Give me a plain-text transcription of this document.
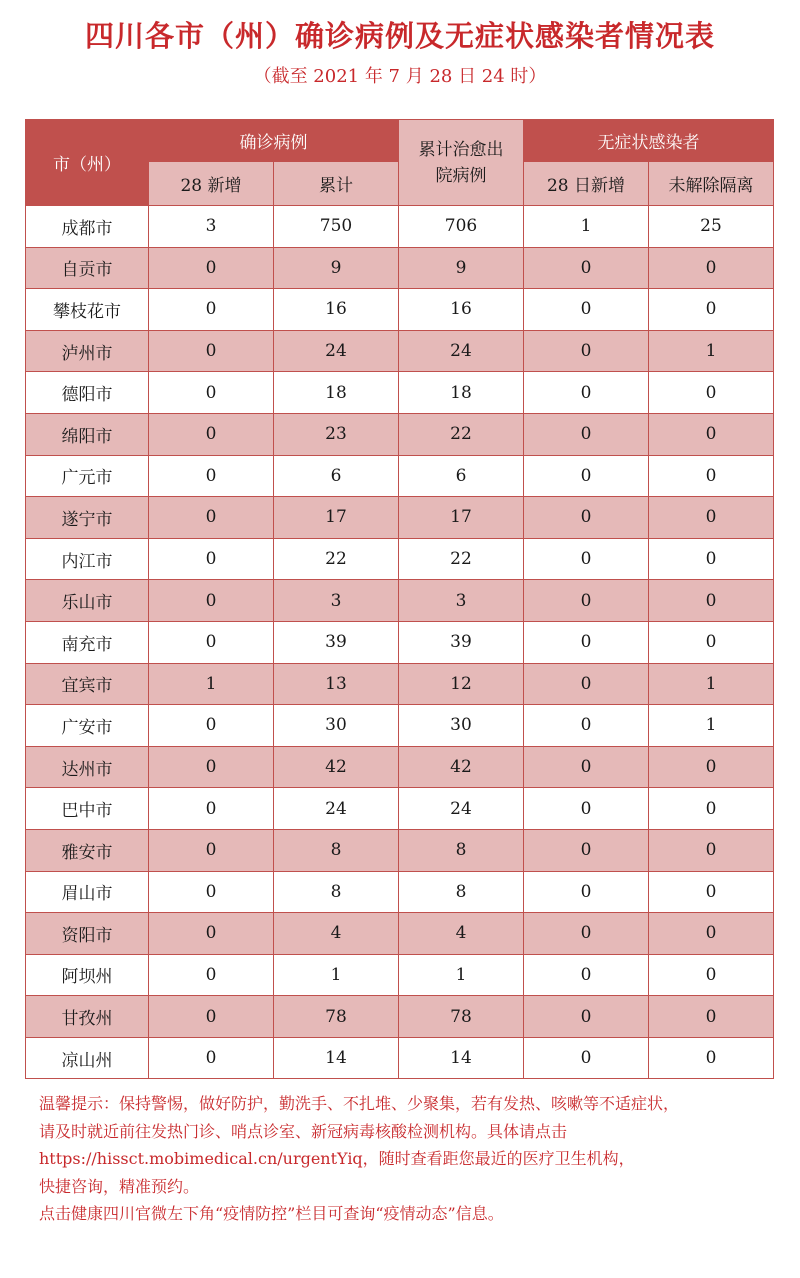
四川各市（州）确诊病例及无症状感染者情况表
（截至 2021 年 7 月 28 日 24 时）
市（州）	确诊病例		累计治愈出院病例	无症状感染者	
	28 新增	累计		28 日新增	未解除隔离
成都市	3	750	706	1	25
自贡市	0	9	9	0	0
攀枝花市	0	16	16	0	0
泸州市	0	24	24	0	1
德阳市	0	18	18	0	0
绵阳市	0	23	22	0	0
广元市	0	6	6	0	0
遂宁市	0	17	17	0	0
内江市	0	22	22	0	0
乐山市	0	3	3	0	0
南充市	0	39	39	0	0
宜宾市	1	13	12	0	1
广安市	0	30	30	0	1
达州市	0	42	42	0	0
巴中市	0	24	24	0	0
雅安市	0	8	8	0	0
眉山市	0	8	8	0	0
资阳市	0	4	4	0	0
阿坝州	0	1	1	0	0
甘孜州	0	78	78	0	0
凉山州	0	14	14	0	0
温馨提示：保持警惕，做好防护，勤洗手、不扎堆、少聚集，若有发热、咳嗽等不适症状，
请及时就近前往发热门诊、哨点诊室、新冠病毒核酸检测机构。具体请点击
https://hissct.mobimedical.cn/urgentYiq，随时查看距您最近的医疗卫生机构，
快捷咨询，精准预约。
点击健康四川官微左下角“疫情防控”栏目可查询“疫情动态”信息。
